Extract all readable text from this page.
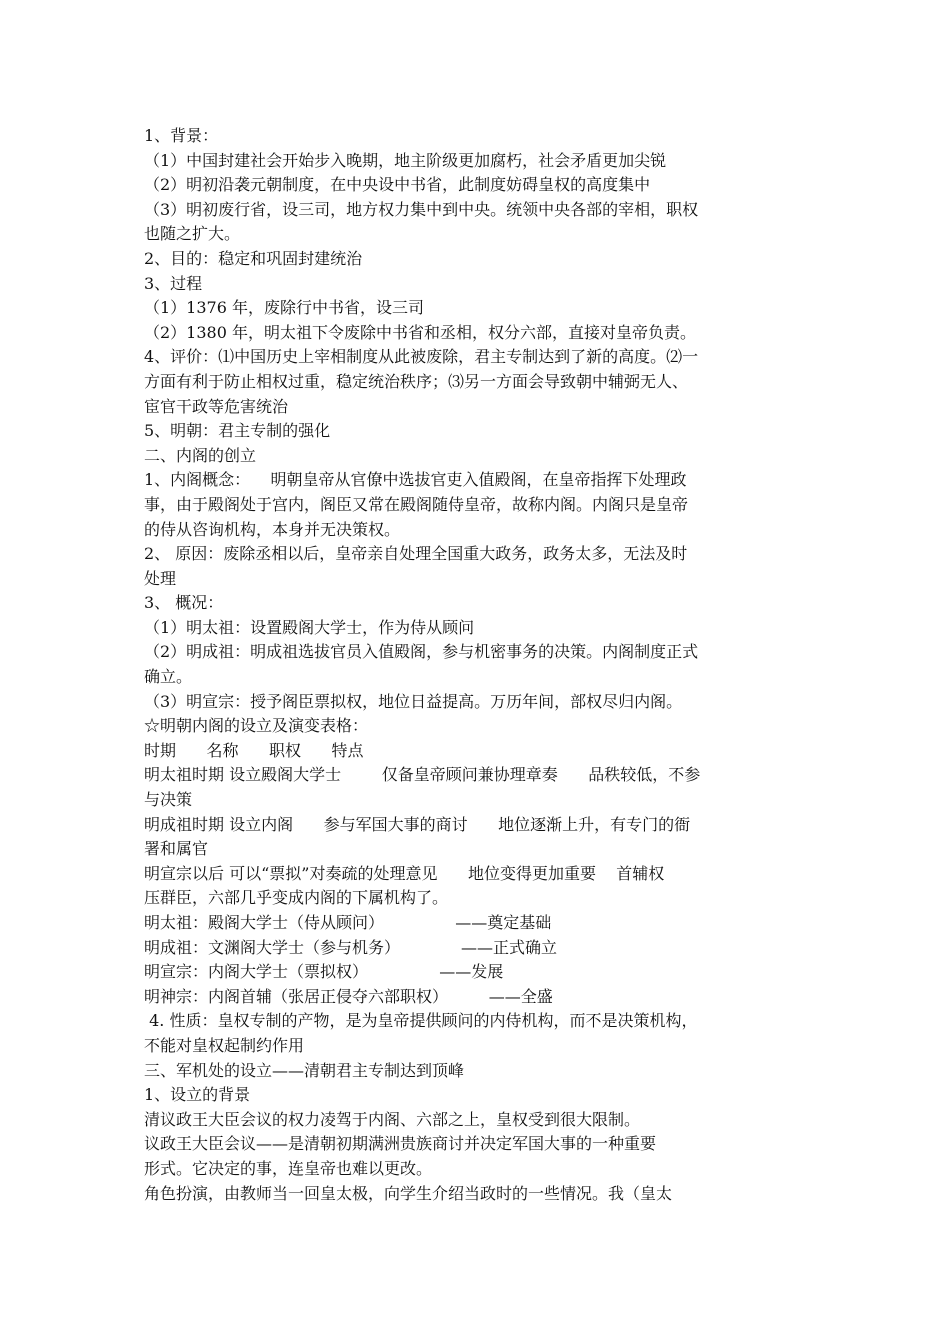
1、背景：
（1）中国封建社会开始步入晚期，地主阶级更加腐朽，社会矛盾更加尖锐
（2）明初沿袭元朝制度，在中央设中书省，此制度妨碍皇权的高度集中
（3）明初废行省，设三司，地方权力集中到中央。统领中央各部的宰相，职权
也随之扩大。
2、目的：稳定和巩固封建统治
3、过程
（1）1376 年，废除行中书省，设三司
（2）1380 年，明太祖下令废除中书省和丞相，权分六部，直接对皇帝负责。
4、评价：⑴中国历史上宰相制度从此被废除，君主专制达到了新的高度。⑵一
方面有利于防止相权过重，稳定统治秩序；⑶另一方面会导致朝中辅弼无人、
宦官干政等危害统治
5、明朝：君主专制的强化
二、内阁的创立
1、内阁概念：    明朝皇帝从官僚中选拔官吏入值殿阁，在皇帝指挥下处理政
事，由于殿阁处于宫内，阁臣又常在殿阁随侍皇帝，故称内阁。内阁只是皇帝
的侍从咨询机构，本身并无决策权。
2、 原因：废除丞相以后，皇帝亲自处理全国重大政务，政务太多，无法及时
处理
3、 概况：
（1）明太祖：设置殿阁大学士，作为侍从顾问
（2）明成祖：明成祖选拔官员入值殿阁，参与机密事务的决策。内阁制度正式
确立。
（3）明宣宗：授予阁臣票拟权，地位日益提高。万历年间，部权尽归内阁。
☆明朝内阁的设立及演变表格：
时期      名称      职权      特点
明太祖时期 设立殿阁大学士        仅备皇帝顾问兼协理章奏      品秩较低，不参
与决策
明成祖时期 设立内阁      参与军国大事的商讨      地位逐渐上升，有专门的衙
署和属官
明宣宗以后 可以“票拟”对奏疏的处理意见      地位变得更加重要    首辅权
压群臣，六部几乎变成内阁的下属机构了。
明太祖：殿阁大学士（侍从顾问）              ——奠定基础
明成祖：文渊阁大学士（参与机务）            ——正式确立
明宣宗：内阁大学士（票拟权）              ——发展
明神宗：内阁首辅（张居正侵夺六部职权）        ——全盛
4. 性质：皇权专制的产物，是为皇帝提供顾问的内侍机构，而不是决策机构，
不能对皇权起制约作用
三、军机处的设立——清朝君主专制达到顶峰
1、设立的背景
清议政王大臣会议的权力凌驾于内阁、六部之上，皇权受到很大限制。
议政王大臣会议——是清朝初期满洲贵族商讨并决定军国大事的一种重要
形式。它决定的事，连皇帝也难以更改。
角色扮演，由教师当一回皇太极，向学生介绍当政时的一些情况。我（皇太
